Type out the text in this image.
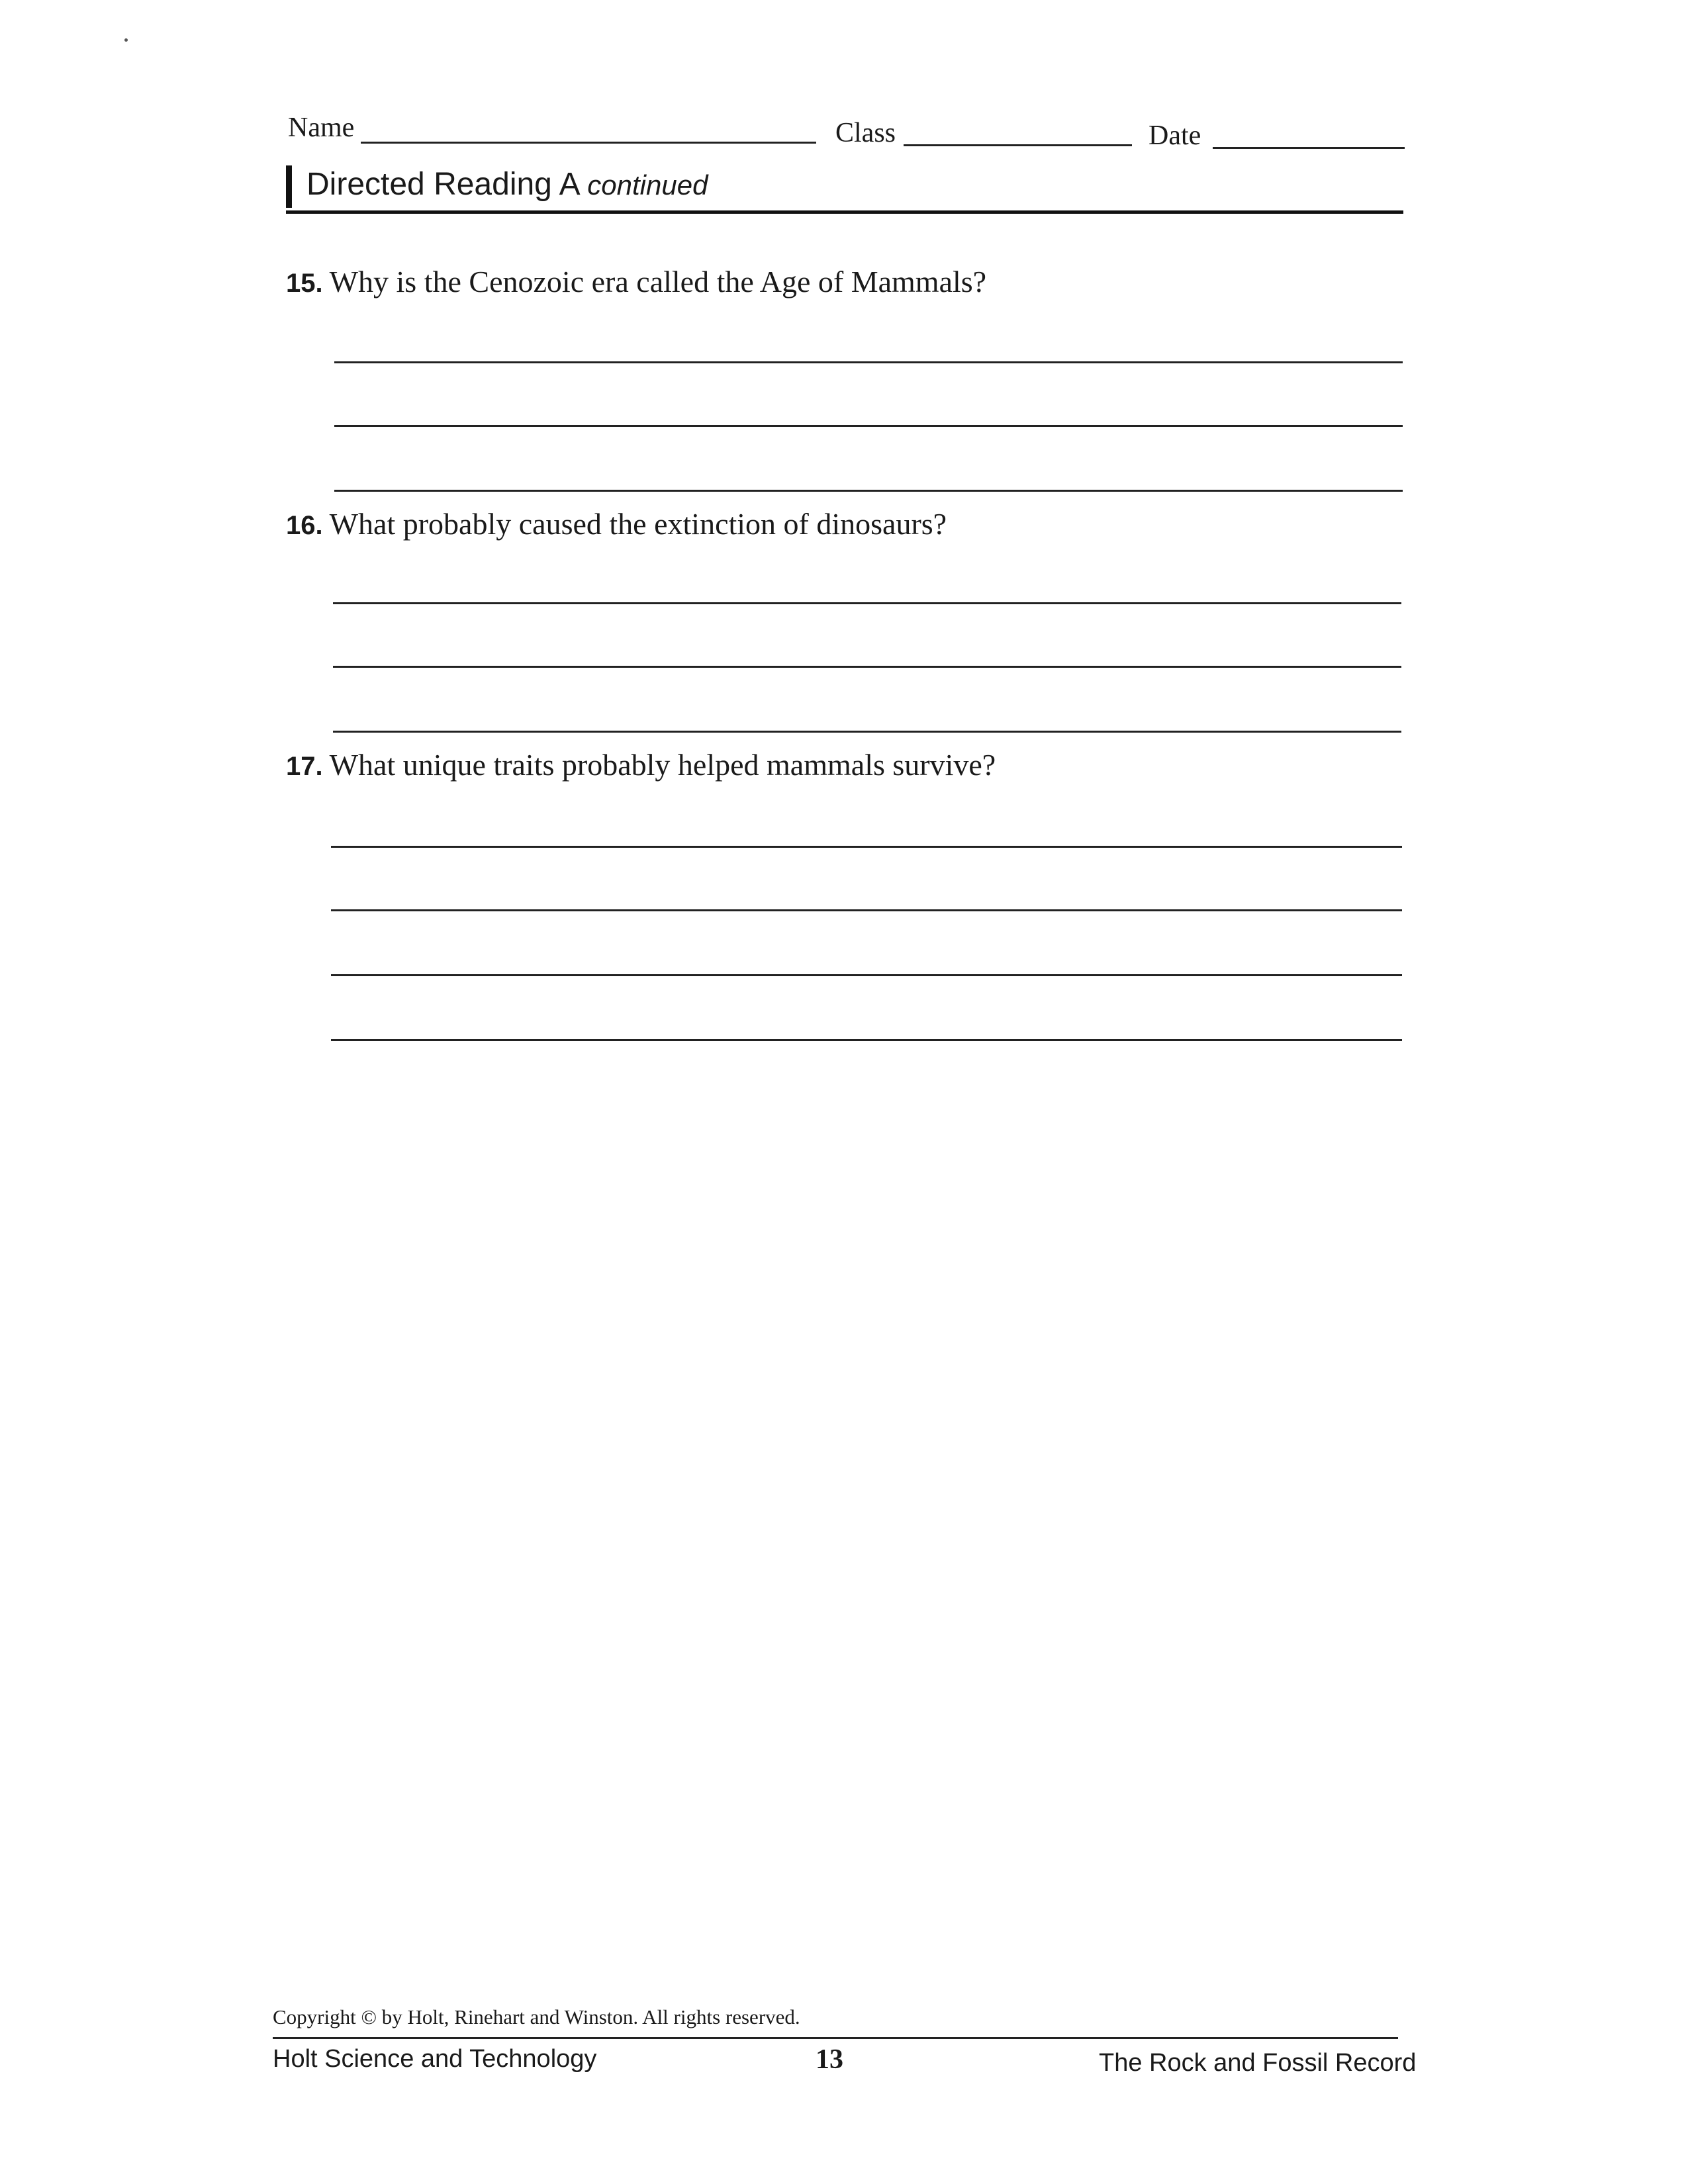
Name	Class	Date
Directed Reading A continued
15. Why is the Cenozoic era called the Age of Mammals?
16. What probably caused the extinction of dinosaurs?
17. What unique traits probably helped mammals survive?
Copyright © by Holt, Rinehart and Winston. All rights reserved.
Holt Science and Technology	13	The Rock and Fossil Record
